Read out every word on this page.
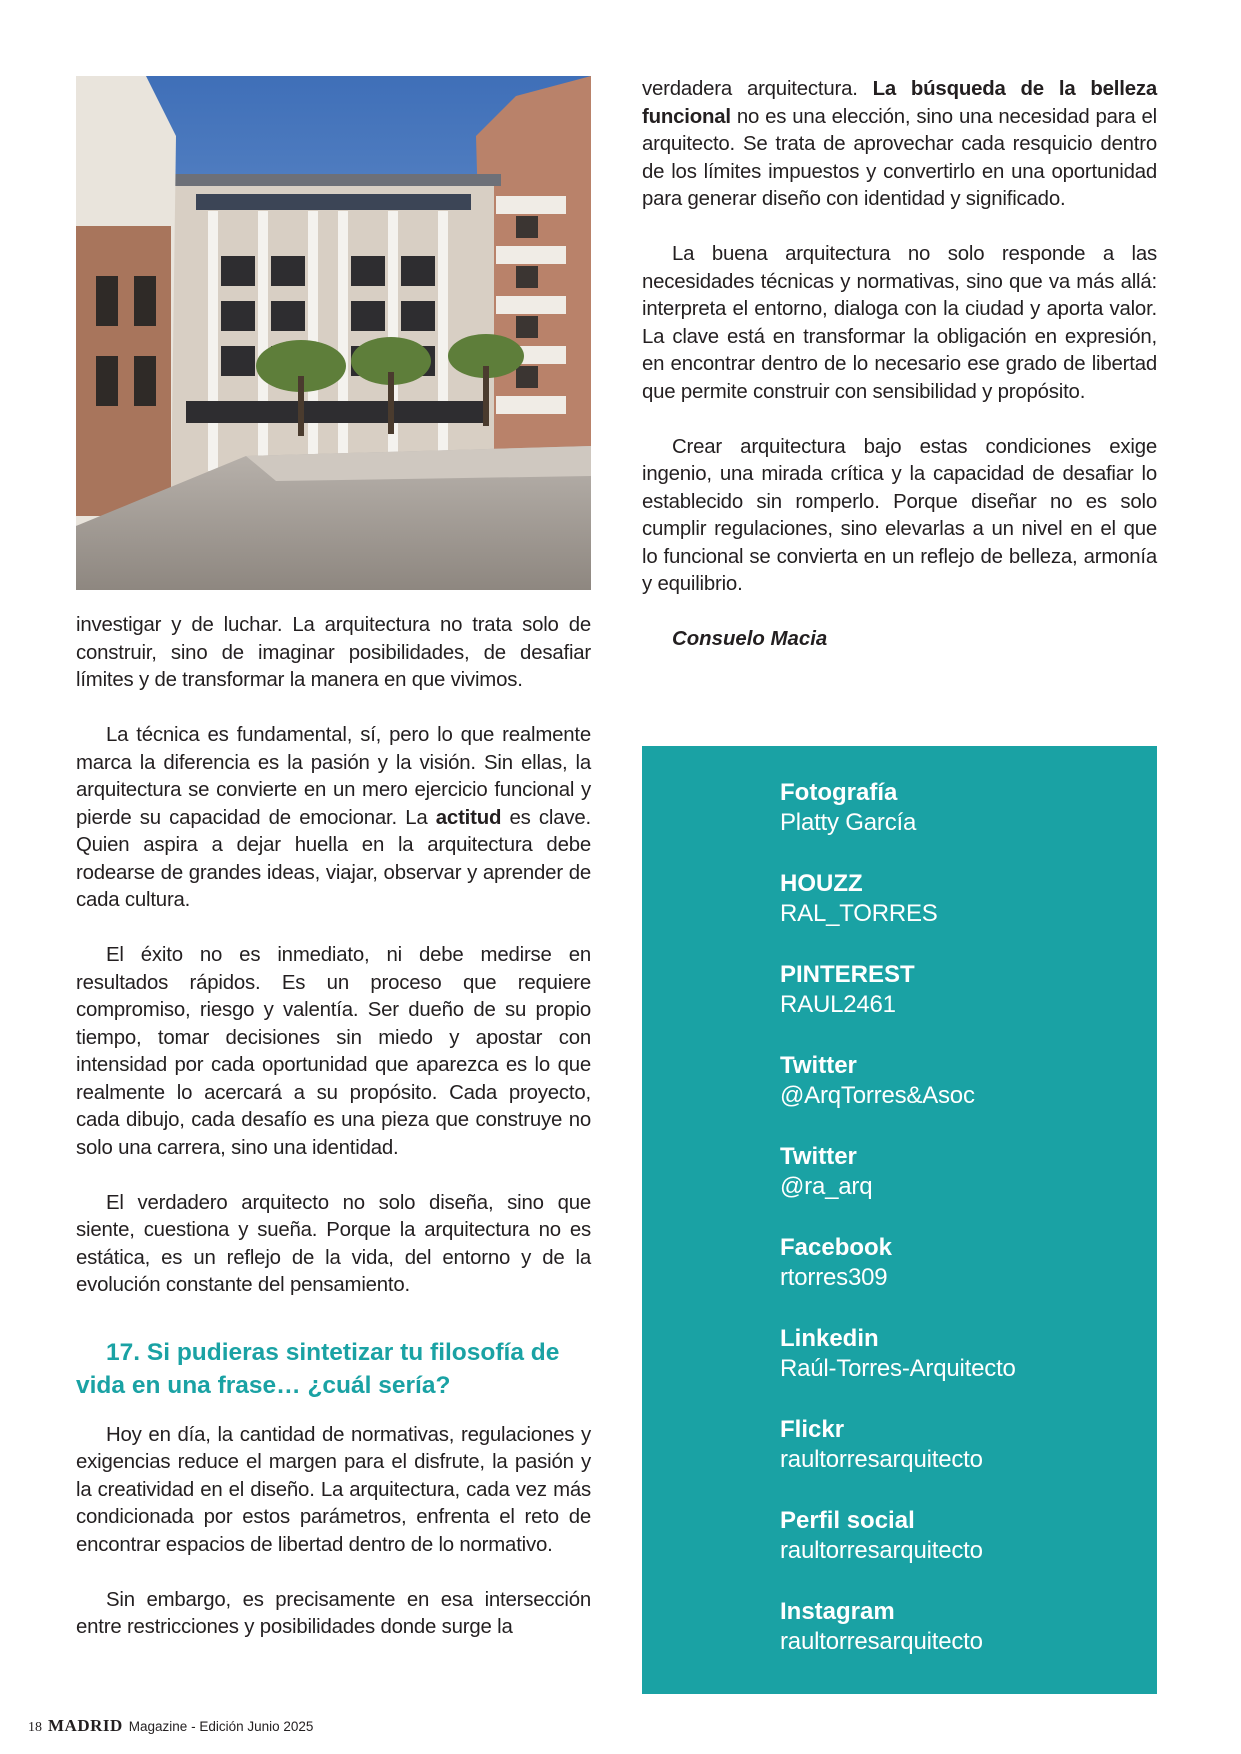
investigar y de luchar. La arquitectura no trata solo de construir, sino de imaginar posibilidades, de desafiar límites y de transformar la manera en que vivimos.

La técnica es fundamental, sí, pero lo que realmente marca la diferencia es la pasión y la visión. Sin ellas, la arquitectura se convierte en un mero ejercicio funcional y pierde su capacidad de emocionar. La actitud es clave. Quien aspira a dejar huella en la arquitectura debe rodearse de grandes ideas, viajar, observar y aprender de cada cultura.

El éxito no es inmediato, ni debe medirse en resultados rápidos. Es un proceso que requiere compromiso, riesgo y valentía. Ser dueño de su propio tiempo, tomar decisiones sin miedo y apostar con intensidad por cada oportunidad que aparezca es lo que realmente lo acercará a su propósito. Cada proyecto, cada dibujo, cada desafío es una pieza que construye no solo una carrera, sino una identidad.

El verdadero arquitecto no solo diseña, sino que siente, cuestiona y sueña. Porque la arquitectura no es estática, es un reflejo de la vida, del entorno y de la evolución constante del pensamiento.

17. Si pudieras sintetizar tu filosofía de vida en una frase… ¿cuál sería?

Hoy en día, la cantidad de normativas, regulaciones y exigencias reduce el margen para el disfrute, la pasión y la creatividad en el diseño. La arquitectura, cada vez más condicionada por estos parámetros, enfrenta el reto de encontrar espacios de libertad dentro de lo normativo.

Sin embargo, es precisamente en esa intersección entre restricciones y posibilidades donde surge la

verdadera arquitectura. La búsqueda de la belleza funcional no es una elección, sino una necesidad para el arquitecto. Se trata de aprovechar cada resquicio dentro de los límites impuestos y convertirlo en una oportunidad para generar diseño con identidad y significado.

La buena arquitectura no solo responde a las necesidades técnicas y normativas, sino que va más allá: interpreta el entorno, dialoga con la ciudad y aporta valor. La clave está en transformar la obligación en expresión, en encontrar dentro de lo necesario ese grado de libertad que permite construir con sensibilidad y propósito.

Crear arquitectura bajo estas condiciones exige ingenio, una mirada crítica y la capacidad de desafiar lo establecido sin romperlo. Porque diseñar no es solo cumplir regulaciones, sino elevarlas a un nivel en el que lo funcional se convierta en un reflejo de belleza, armonía y equilibrio.

Consuelo Macia

Fotografía
Platty García
HOUZZ
RAL_TORRES
PINTEREST
RAUL2461
Twitter
@ArqTorres&Asoc
Twitter
@ra_arq
Facebook
rtorres309
Linkedin
Raúl-Torres-Arquitecto
Flickr
raultorresarquitecto
Perfil social
raultorresarquitecto
Instagram
raultorresarquitecto
18 MADRID Magazine - Edición Junio 2025
